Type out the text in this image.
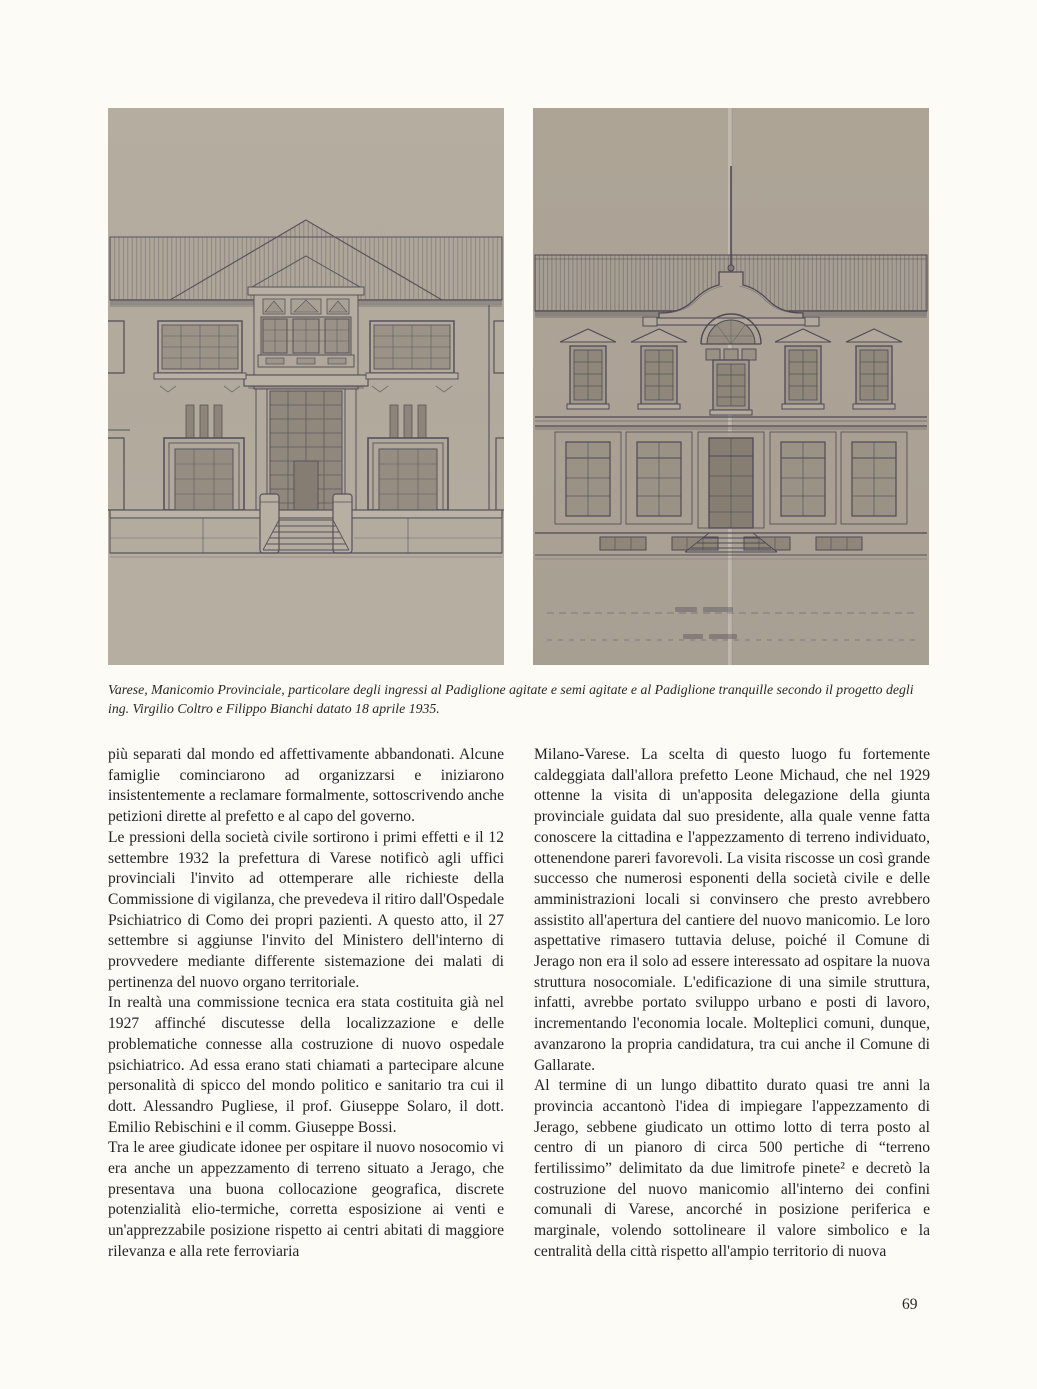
Varese, Manicomio Provinciale, particolare degli ingressi al Padiglione agitate e semi agitate e al Padiglione tranquille secondo il progetto degli ing. Virgilio Coltro e Filippo Bianchi datato 18 aprile 1935.

più separati dal mondo ed affettivamente abbandonati. Alcune famiglie cominciarono ad organizzarsi e iniziarono insistentemente a reclamare formalmente, sottoscrivendo anche petizioni dirette al prefetto e al capo del governo.

Le pressioni della società civile sortirono i primi effetti e il 12 settembre 1932 la prefettura di Varese notificò agli uffici provinciali l'invito ad ottemperare alle richieste della Commissione di vigilanza, che prevedeva il ritiro dall'Ospedale Psichiatrico di Como dei propri pazienti. A questo atto, il 27 settembre si aggiunse l'invito del Ministero dell'interno di provvedere mediante differente sistemazione dei malati di pertinenza del nuovo organo territoriale.

In realtà una commissione tecnica era stata costituita già nel 1927 affinché discutesse della localizzazione e delle problematiche connesse alla costruzione di nuovo ospedale psichiatrico. Ad essa erano stati chiamati a partecipare alcune personalità di spicco del mondo politico e sanitario tra cui il dott. Alessandro Pugliese, il prof. Giuseppe Solaro, il dott. Emilio Rebischini e il comm. Giuseppe Bossi.

Tra le aree giudicate idonee per ospitare il nuovo nosocomio vi era anche un appezzamento di terreno situato a Jerago, che presentava una buona collocazione geografica, discrete potenzialità elio-termiche, corretta esposizione ai venti e un'apprezzabile posizione rispetto ai centri abitati di maggiore rilevanza e alla rete ferroviaria

Milano-Varese. La scelta di questo luogo fu fortemente caldeggiata dall'allora prefetto Leone Michaud, che nel 1929 ottenne la visita di un'apposita delegazione della giunta provinciale guidata dal suo presidente, alla quale venne fatta conoscere la cittadina e l'appezzamento di terreno individuato, ottenendone pareri favorevoli. La visita riscosse un così grande successo che numerosi esponenti della società civile e delle amministrazioni locali si convinsero che presto avrebbero assistito all'apertura del cantiere del nuovo manicomio. Le loro aspettative rimasero tuttavia deluse, poiché il Comune di Jerago non era il solo ad essere interessato ad ospitare la nuova struttura nosocomiale. L'edificazione di una simile struttura, infatti, avrebbe portato sviluppo urbano e posti di lavoro, incrementando l'economia locale. Molteplici comuni, dunque, avanzarono la propria candidatura, tra cui anche il Comune di Gallarate.

Al termine di un lungo dibattito durato quasi tre anni la provincia accantonò l'idea di impiegare l'appezzamento di Jerago, sebbene giudicato un ottimo lotto di terra posto al centro di un pianoro di circa 500 pertiche di “terreno fertilissimo” delimitato da due limitrofe pinete² e decretò la costruzione del nuovo manicomio all'interno dei confini comunali di Varese, ancorché in posizione periferica e marginale, volendo sottolineare il valore simbolico e la centralità della città rispetto all'ampio territorio di nuova

69
